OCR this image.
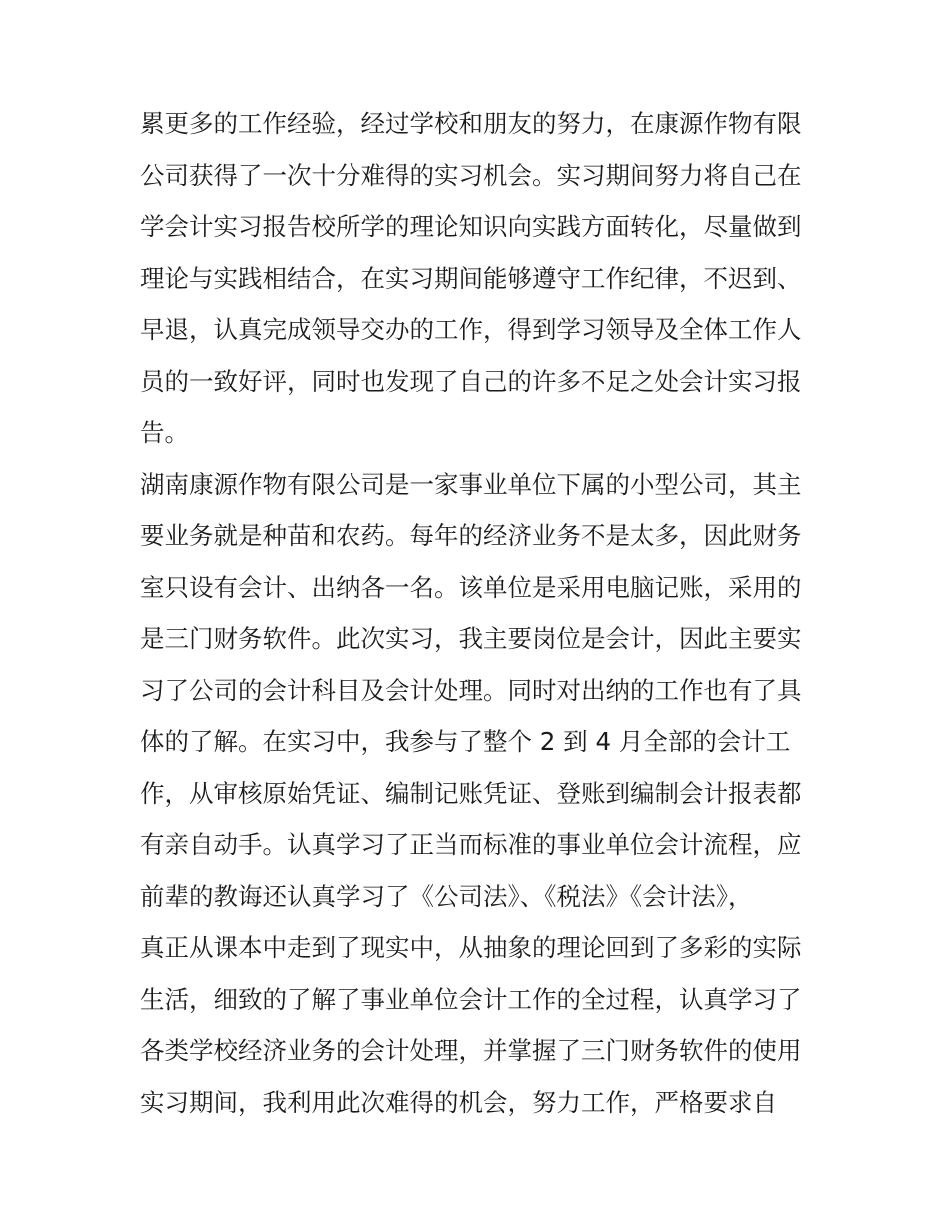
累更多的工作经验，经过学校和朋友的努力，在康源作物有限
公司获得了一次十分难得的实习机会。实习期间努力将自己在
学会计实习报告校所学的理论知识向实践方面转化，尽量做到
理论与实践相结合，在实习期间能够遵守工作纪律，不迟到、
早退，认真完成领导交办的工作，得到学习领导及全体工作人
员的一致好评，同时也发现了自己的许多不足之处会计实习报
告。
湖南康源作物有限公司是一家事业单位下属的小型公司，其主
要业务就是种苗和农药。每年的经济业务不是太多，因此财务
室只设有会计、出纳各一名。该单位是采用电脑记账，采用的
是三门财务软件。此次实习，我主要岗位是会计，因此主要实
习了公司的会计科目及会计处理。同时对出纳的工作也有了具
体的了解。在实习中，我参与了整个 2 到 4 月全部的会计工
作，从审核原始凭证、编制记账凭证、登账到编制会计报表都
有亲自动手。认真学习了正当而标准的事业单位会计流程，应
前辈的教诲还认真学习了《公司法》、《税法》《会计法》，
真正从课本中走到了现实中，从抽象的理论回到了多彩的实际
生活，细致的了解了事业单位会计工作的全过程，认真学习了
各类学校经济业务的会计处理，并掌握了三门财务软件的使用
实习期间，我利用此次难得的机会，努力工作，严格要求自
